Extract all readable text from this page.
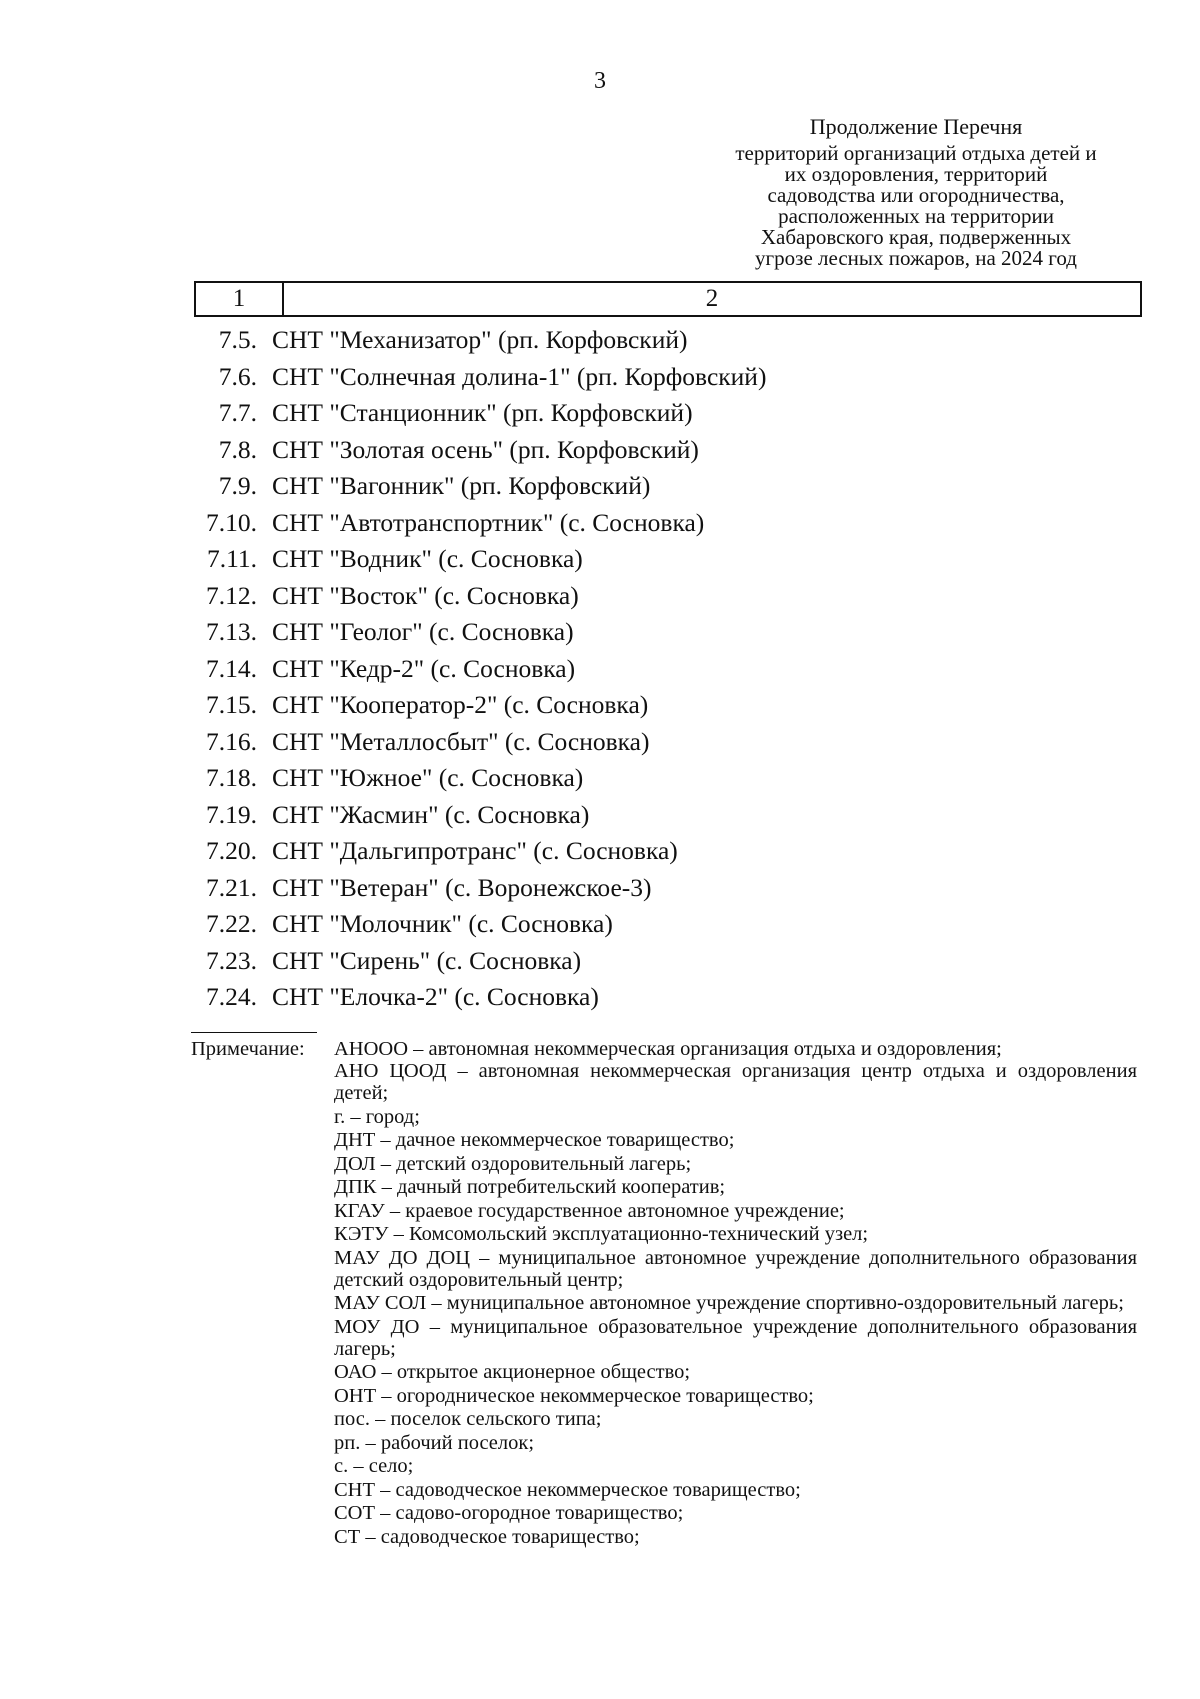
3
Продолжение Перечня
территорий организаций отдыха детей и
их оздоровления, территорий
садоводства или огородничества,
расположенных на территории
Хабаровского края, подверженных
угрозе лесных пожаров, на 2024 год
1	2
7.5. СНТ "Механизатор" (рп. Корфовский)
7.6. СНТ "Солнечная долина-1" (рп. Корфовский)
7.7. СНТ "Станционник" (рп. Корфовский)
7.8. СНТ "Золотая осень" (рп. Корфовский)
7.9. СНТ "Вагонник" (рп. Корфовский)
7.10. СНТ "Автотранспортник" (с. Сосновка)
7.11. СНТ "Водник" (с. Сосновка)
7.12. СНТ "Восток" (с. Сосновка)
7.13. СНТ "Геолог" (с. Сосновка)
7.14. СНТ "Кедр-2" (с. Сосновка)
7.15. СНТ "Кооператор-2" (с. Сосновка)
7.16. СНТ "Металлосбыт" (с. Сосновка)
7.18. СНТ "Южное" (с. Сосновка)
7.19. СНТ "Жасмин" (с. Сосновка)
7.20. СНТ "Дальгипротранс" (с. Сосновка)
7.21. СНТ "Ветеран" (с. Воронежское-3)
7.22. СНТ "Молочник" (с. Сосновка)
7.23. СНТ "Сирень" (с. Сосновка)
7.24. СНТ "Елочка-2" (с. Сосновка)
Примечание:	АНООО – автономная некоммерческая организация отдыха и оздоровления;
АНО ЦООД – автономная некоммерческая организация центр отдыха и оздоровления детей;
г. – город;
ДНТ – дачное некоммерческое товарищество;
ДОЛ – детский оздоровительный лагерь;
ДПК – дачный потребительский кооператив;
КГАУ – краевое государственное автономное учреждение;
КЭТУ – Комсомольский эксплуатационно-технический узел;
МАУ ДО ДОЦ – муниципальное автономное учреждение дополнительного образования детский оздоровительный центр;
МАУ СОЛ – муниципальное автономное учреждение спортивно-оздоровительный лагерь;
МОУ ДО – муниципальное образовательное учреждение дополнительного образования лагерь;
ОАО – открытое акционерное общество;
ОНТ – огородническое некоммерческое товарищество;
пос. – поселок сельского типа;
рп. – рабочий поселок;
с. – село;
СНТ – садоводческое некоммерческое товарищество;
СОТ – садово-огородное товарищество;
СТ – садоводческое товарищество;
